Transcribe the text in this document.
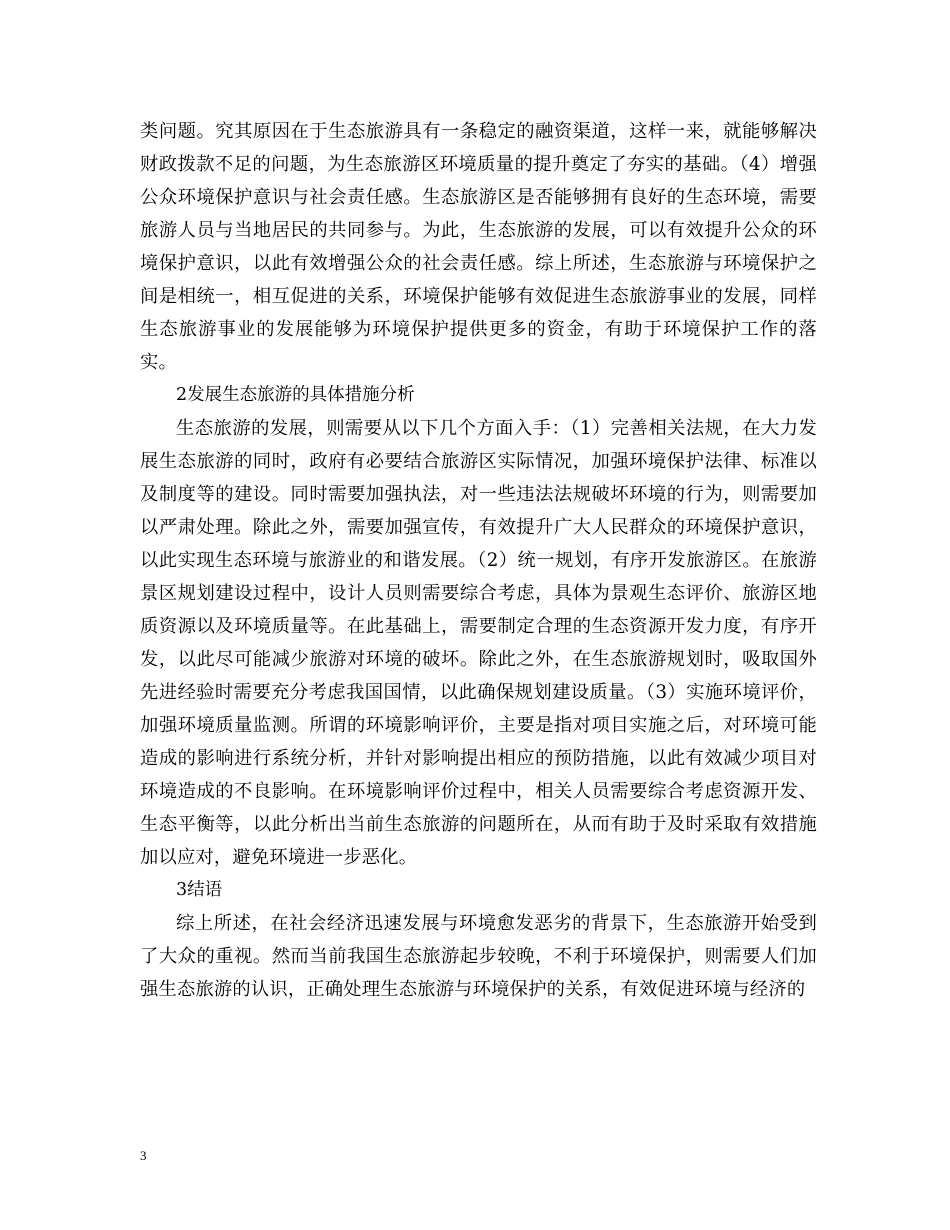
类问题。究其原因在于生态旅游具有一条稳定的融资渠道，这样一来，就能够解决财政拨款不足的问题，为生态旅游区环境质量的提升奠定了夯实的基础。（4）增强公众环境保护意识与社会责任感。生态旅游区是否能够拥有良好的生态环境，需要旅游人员与当地居民的共同参与。为此，生态旅游的发展，可以有效提升公众的环境保护意识，以此有效增强公众的社会责任感。综上所述，生态旅游与环境保护之间是相统一，相互促进的关系，环境保护能够有效促进生态旅游事业的发展，同样生态旅游事业的发展能够为环境保护提供更多的资金，有助于环境保护工作的落实。

2发展生态旅游的具体措施分析

生态旅游的发展，则需要从以下几个方面入手：（1）完善相关法规，在大力发展生态旅游的同时，政府有必要结合旅游区实际情况，加强环境保护法律、标准以及制度等的建设。同时需要加强执法，对一些违法法规破坏环境的行为，则需要加以严肃处理。除此之外，需要加强宣传，有效提升广大人民群众的环境保护意识，以此实现生态环境与旅游业的和谐发展。（2）统一规划，有序开发旅游区。在旅游景区规划建设过程中，设计人员则需要综合考虑，具体为景观生态评价、旅游区地质资源以及环境质量等。在此基础上，需要制定合理的生态资源开发力度，有序开发，以此尽可能减少旅游对环境的破坏。除此之外，在生态旅游规划时，吸取国外先进经验时需要充分考虑我国国情，以此确保规划建设质量。（3）实施环境评价，加强环境质量监测。所谓的环境影响评价，主要是指对项目实施之后，对环境可能造成的影响进行系统分析，并针对影响提出相应的预防措施，以此有效减少项目对环境造成的不良影响。在环境影响评价过程中，相关人员需要综合考虑资源开发、生态平衡等，以此分析出当前生态旅游的问题所在，从而有助于及时采取有效措施加以应对，避免环境进一步恶化。

3结语

综上所述，在社会经济迅速发展与环境愈发恶劣的背景下，生态旅游开始受到了大众的重视。然而当前我国生态旅游起步较晚，不利于环境保护，则需要人们加强生态旅游的认识，正确处理生态旅游与环境保护的关系，有效促进环境与经济的

3
